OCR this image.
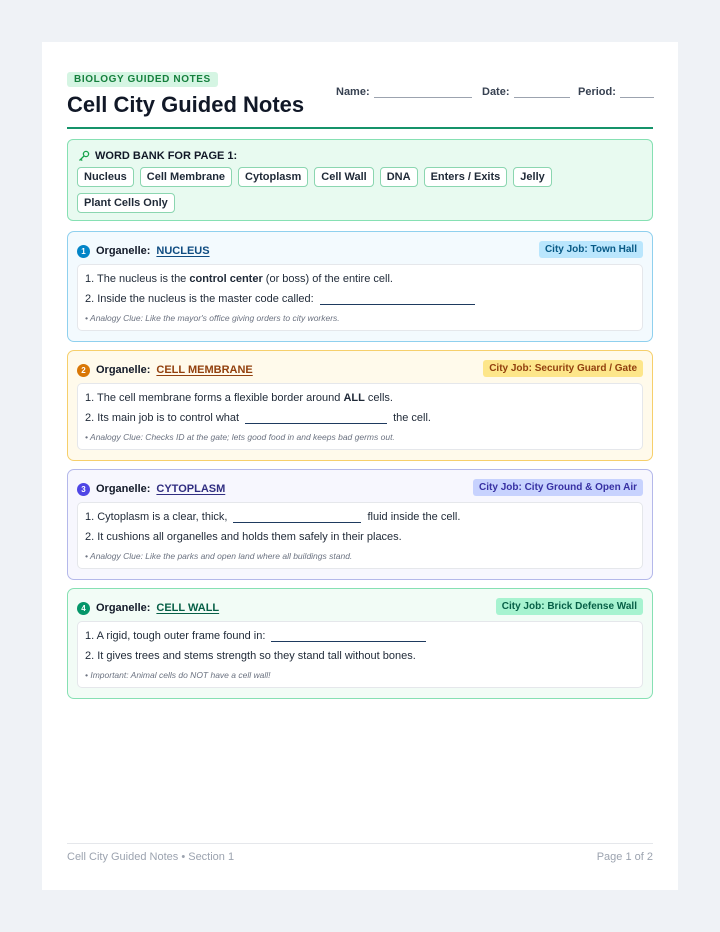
BIOLOGY GUIDED NOTES
Cell City Guided Notes	Name:	Date:	Period:
WORD BANK FOR PAGE 1:
Nucleus	Cell Membrane	Cytoplasm	Cell Wall	DNA	Enters / Exits	Jelly
Plant Cells Only
1 Organelle: NUCLEUS	City Job: Town Hall
1. The nucleus is the control center (or boss) of the entire cell.
2. Inside the nucleus is the master code called:
• Analogy Clue: Like the mayor's office giving orders to city workers.
2 Organelle: CELL MEMBRANE	City Job: Security Guard / Gate
1. The cell membrane forms a flexible border around ALL cells.
2. Its main job is to control what	the cell.
• Analogy Clue: Checks ID at the gate; lets good food in and keeps bad germs out.
3 Organelle: CYTOPLASM	City Job: City Ground & Open Air
1. Cytoplasm is a clear, thick,	fluid inside the cell.
2. It cushions all organelles and holds them safely in their places.
• Analogy Clue: Like the parks and open land where all buildings stand.
4 Organelle: CELL WALL	City Job: Brick Defense Wall
1. A rigid, tough outer frame found in:
2. It gives trees and stems strength so they stand tall without bones.
• Important: Animal cells do NOT have a cell wall!
Cell City Guided Notes • Section 1	Page 1 of 2
